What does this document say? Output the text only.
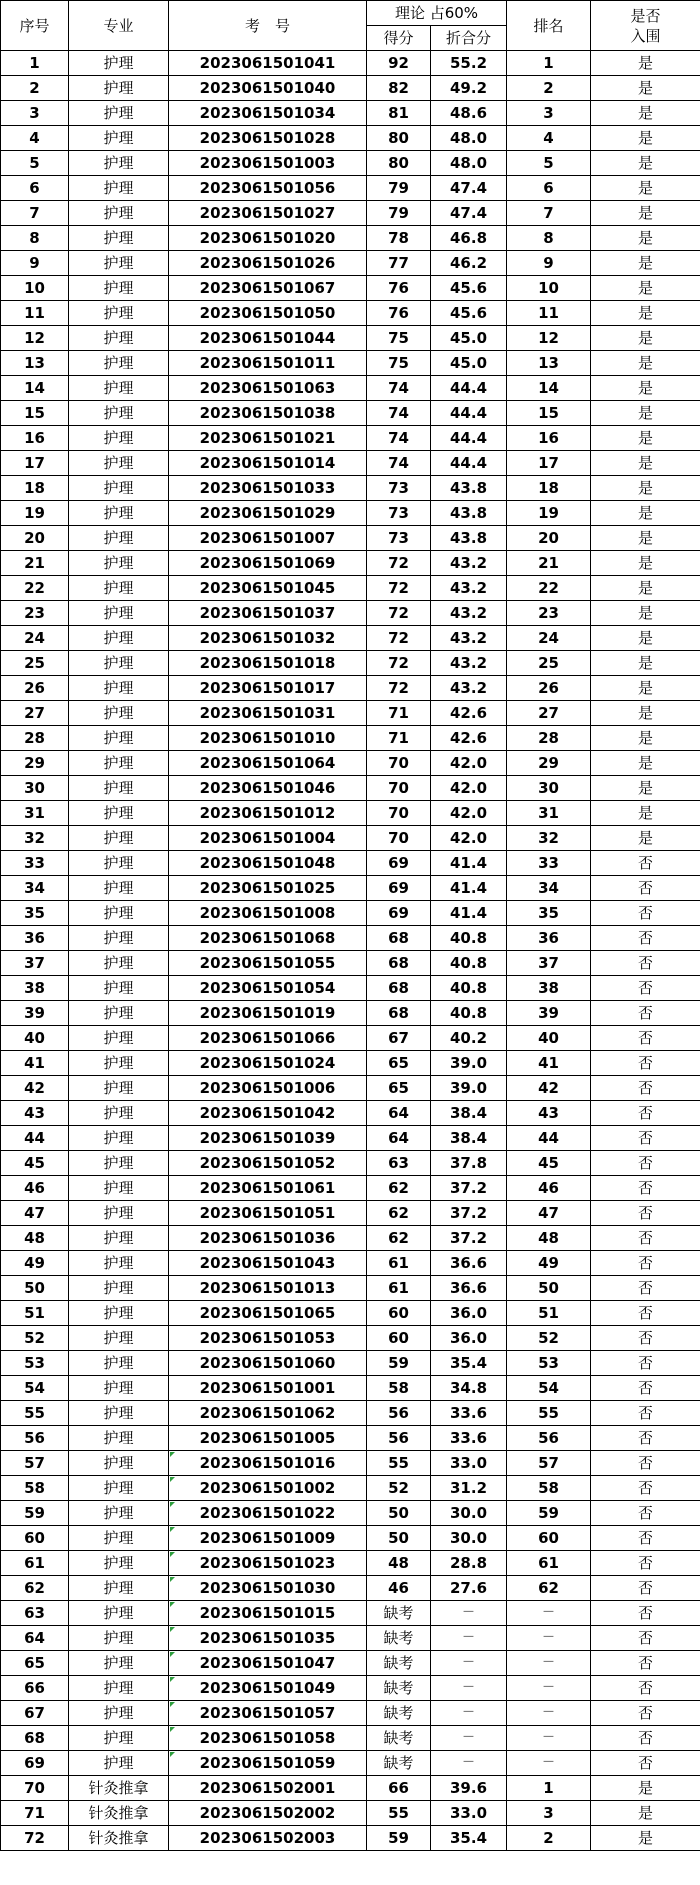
序号	专业	考　号	理论 占60%		排名	是否
入围

			得分	折合分		
1	护理	2023061501041	92	55.2	1	是
2	护理	2023061501040	82	49.2	2	是
3	护理	2023061501034	81	48.6	3	是
4	护理	2023061501028	80	48.0	4	是
5	护理	2023061501003	80	48.0	5	是
6	护理	2023061501056	79	47.4	6	是
7	护理	2023061501027	79	47.4	7	是
8	护理	2023061501020	78	46.8	8	是
9	护理	2023061501026	77	46.2	9	是
10	护理	2023061501067	76	45.6	10	是
11	护理	2023061501050	76	45.6	11	是
12	护理	2023061501044	75	45.0	12	是
13	护理	2023061501011	75	45.0	13	是
14	护理	2023061501063	74	44.4	14	是
15	护理	2023061501038	74	44.4	15	是
16	护理	2023061501021	74	44.4	16	是
17	护理	2023061501014	74	44.4	17	是
18	护理	2023061501033	73	43.8	18	是
19	护理	2023061501029	73	43.8	19	是
20	护理	2023061501007	73	43.8	20	是
21	护理	2023061501069	72	43.2	21	是
22	护理	2023061501045	72	43.2	22	是
23	护理	2023061501037	72	43.2	23	是
24	护理	2023061501032	72	43.2	24	是
25	护理	2023061501018	72	43.2	25	是
26	护理	2023061501017	72	43.2	26	是
27	护理	2023061501031	71	42.6	27	是
28	护理	2023061501010	71	42.6	28	是
29	护理	2023061501064	70	42.0	29	是
30	护理	2023061501046	70	42.0	30	是
31	护理	2023061501012	70	42.0	31	是
32	护理	2023061501004	70	42.0	32	是
33	护理	2023061501048	69	41.4	33	否
34	护理	2023061501025	69	41.4	34	否
35	护理	2023061501008	69	41.4	35	否
36	护理	2023061501068	68	40.8	36	否
37	护理	2023061501055	68	40.8	37	否
38	护理	2023061501054	68	40.8	38	否
39	护理	2023061501019	68	40.8	39	否
40	护理	2023061501066	67	40.2	40	否
41	护理	2023061501024	65	39.0	41	否
42	护理	2023061501006	65	39.0	42	否
43	护理	2023061501042	64	38.4	43	否
44	护理	2023061501039	64	38.4	44	否
45	护理	2023061501052	63	37.8	45	否
46	护理	2023061501061	62	37.2	46	否
47	护理	2023061501051	62	37.2	47	否
48	护理	2023061501036	62	37.2	48	否
49	护理	2023061501043	61	36.6	49	否
50	护理	2023061501013	61	36.6	50	否
51	护理	2023061501065	60	36.0	51	否
52	护理	2023061501053	60	36.0	52	否
53	护理	2023061501060	59	35.4	53	否
54	护理	2023061501001	58	34.8	54	否
55	护理	2023061501062	56	33.6	55	否
56	护理	2023061501005	56	33.6	56	否
57	护理	2023061501016	55	33.0	57	否
58	护理	2023061501002	52	31.2	58	否
59	护理	2023061501022	50	30.0	59	否
60	护理	2023061501009	50	30.0	60	否
61	护理	2023061501023	48	28.8	61	否
62	护理	2023061501030	46	27.6	62	否
63	护理	2023061501015	缺考	－	－	否
64	护理	2023061501035	缺考	－	－	否
65	护理	2023061501047	缺考	－	－	否
66	护理	2023061501049	缺考	－	－	否
67	护理	2023061501057	缺考	－	－	否
68	护理	2023061501058	缺考	－	－	否
69	护理	2023061501059	缺考	－	－	否
70	针灸推拿	2023061502001	66	39.6	1	是
71	针灸推拿	2023061502002	55	33.0	3	是
72	针灸推拿	2023061502003	59	35.4	2	是
